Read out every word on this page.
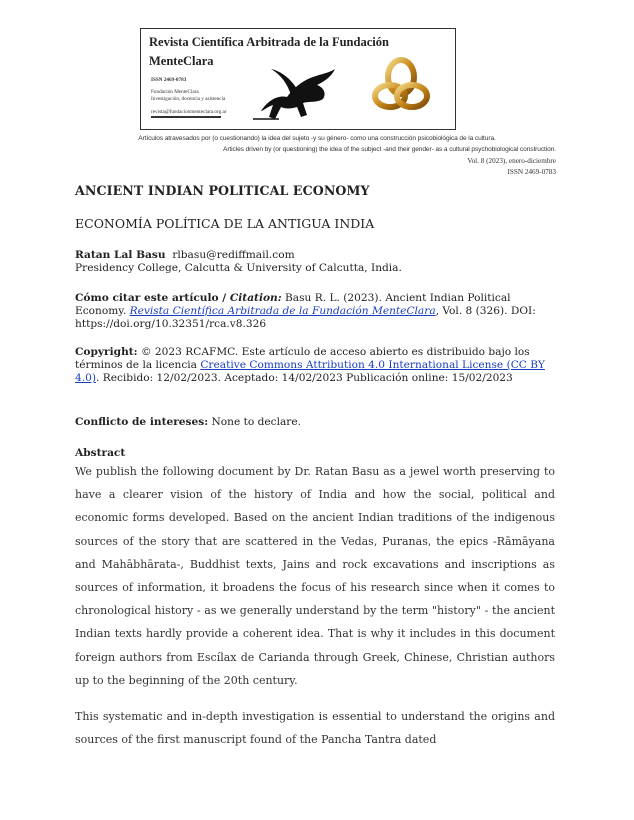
Revista Científica Arbitrada de la Fundación
MenteClara
ISSN 2469-0783
Fundación MenteClara
Investigación, docencia y asistencia
revista@fundacionmenteclara.org.ar
Artículos atravesados por (o cuestionando) la idea del sujeto -y su género- como una construcción psicobiológica de la cultura.
Articles driven by (or questioning) the idea of the subject -and their gender- as a cultural psychobiological construction.
Vol. 8 (2023), enero-diciembre
ISSN 2469-0783
ANCIENT INDIAN POLITICAL ECONOMY
ECONOMÍA POLÍTICA DE LA ANTIGUA INDIA
Ratan Lal Basu rlbasu@rediffmail.com
Presidency College, Calcutta & University of Calcutta, India.
Cómo citar este artículo / Citation: Basu R. L. (2023). Ancient Indian Political Economy. Revista Científica Arbitrada de la Fundación MenteClara, Vol. 8 (326). DOI: https://doi.org/10.32351/rca.v8.326
Copyright: © 2023 RCAFMC. Este artículo de acceso abierto es distribuido bajo los términos de la licencia Creative Commons Attribution 4.0 International License (CC BY 4.0). Recibido: 12/02/2023. Aceptado: 14/02/2023 Publicación online: 15/02/2023
Conflicto de intereses: None to declare.
Abstract
We publish the following document by Dr. Ratan Basu as a jewel worth preserving to have a clearer vision of the history of India and how the social, political and economic forms developed. Based on the ancient Indian traditions of the indigenous sources of the story that are scattered in the Vedas, Puranas, the epics -Rāmāyana and Mahābhārata-, Buddhist texts, Jains and rock excavations and inscriptions as sources of information, it broadens the focus of his research since when it comes to chronological history - as we generally understand by the term "history" - the ancient Indian texts hardly provide a coherent idea. That is why it includes in this document foreign authors from Escílax de Carianda through Greek, Chinese, Christian authors up to the beginning of the 20th century.
This systematic and in-depth investigation is essential to understand the origins and sources of the first manuscript found of the Pancha Tantra dated
